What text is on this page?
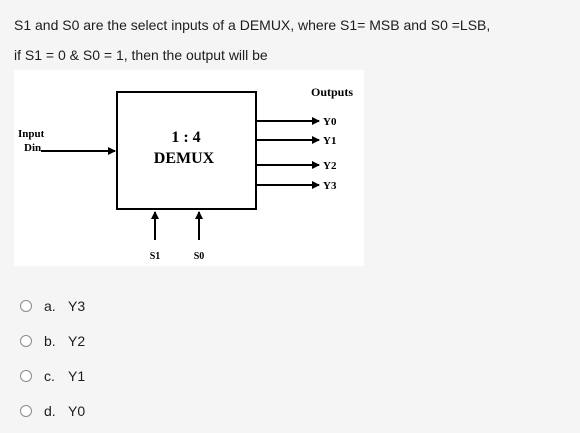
S1 and S0 are the select inputs of a DEMUX, where S1= MSB and S0 =LSB,

if S1 = 0 & S0 = 1, then the output will be

Outputs
1 : 4
DEMUX
Input
Din
Y0
Y1
Y2
Y3
S1	S0
a. Y3
b. Y2
c. Y1
d. Y0
